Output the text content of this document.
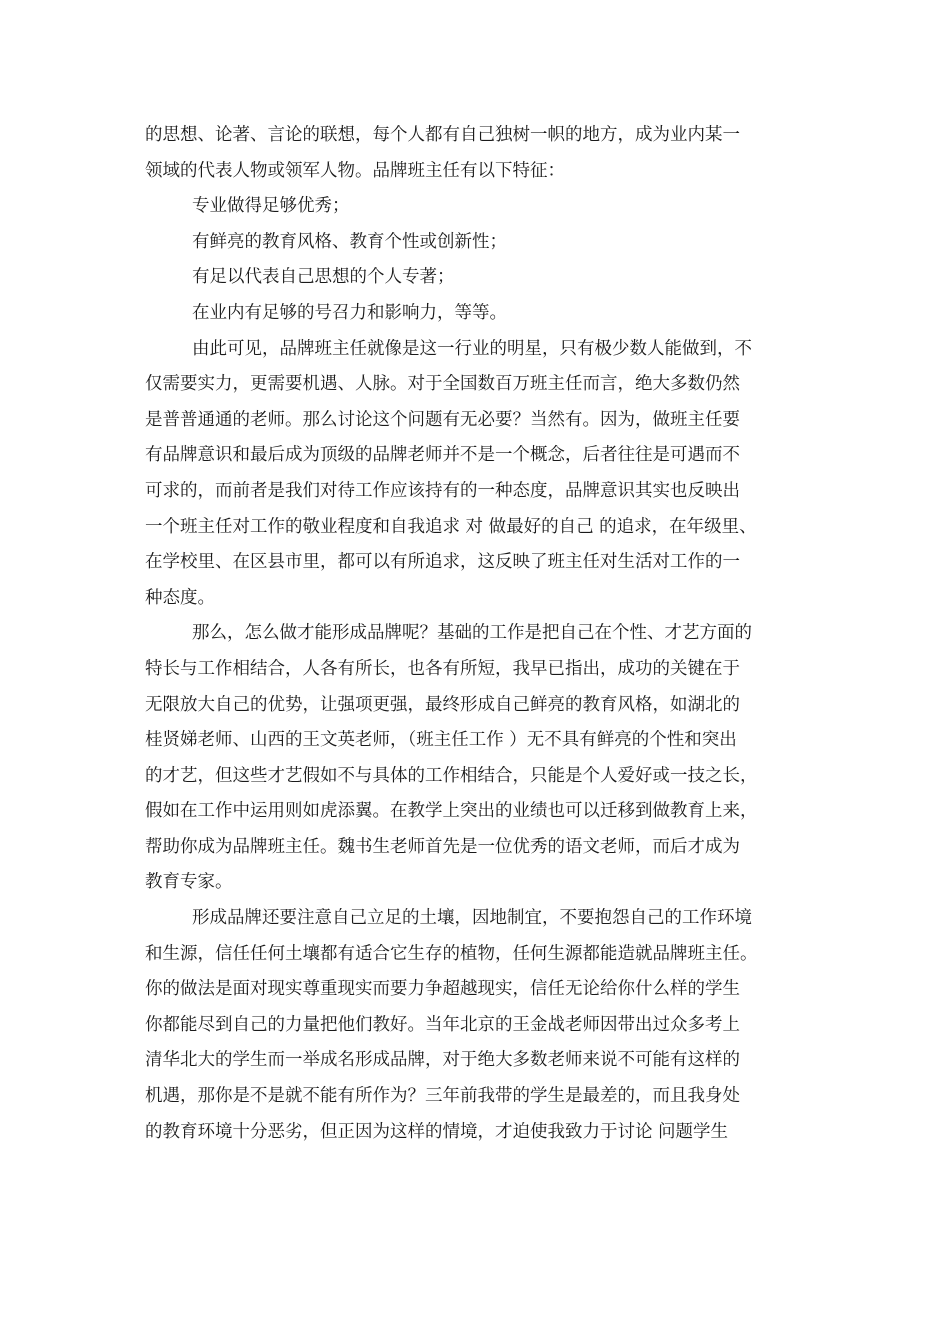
的思想、论著、言论的联想，每个人都有自己独树一帜的地方，成为业内某一
领域的代表人物或领军人物。品牌班主任有以下特征：
专业做得足够优秀；
有鲜亮的教育风格、教育个性或创新性；
有足以代表自己思想的个人专著；
在业内有足够的号召力和影响力，等等。
由此可见，品牌班主任就像是这一行业的明星，只有极少数人能做到，不
仅需要实力，更需要机遇、人脉。对于全国数百万班主任而言，绝大多数仍然
是普普通通的老师。那么讨论这个问题有无必要？当然有。因为，做班主任要
有品牌意识和最后成为顶级的品牌老师并不是一个概念，后者往往是可遇而不
可求的，而前者是我们对待工作应该持有的一种态度，品牌意识其实也反映出
一个班主任对工作的敬业程度和自我追求 对 做最好的自己 的追求，在年级里、
在学校里、在区县市里，都可以有所追求，这反映了班主任对生活对工作的一
种态度。
那么，怎么做才能形成品牌呢？基础的工作是把自己在个性、才艺方面的
特长与工作相结合，人各有所长，也各有所短，我早已指出，成功的关键在于
无限放大自己的优势，让强项更强，最终形成自己鲜亮的教育风格，如湖北的
桂贤娣老师、山西的王文英老师，（班主任工作 ）无不具有鲜亮的个性和突出
的才艺，但这些才艺假如不与具体的工作相结合，只能是个人爱好或一技之长，
假如在工作中运用则如虎添翼。在教学上突出的业绩也可以迁移到做教育上来，
帮助你成为品牌班主任。魏书生老师首先是一位优秀的语文老师，而后才成为
教育专家。
形成品牌还要注意自己立足的土壤，因地制宜，不要抱怨自己的工作环境
和生源，信任任何土壤都有适合它生存的植物，任何生源都能造就品牌班主任。
你的做法是面对现实尊重现实而要力争超越现实，信任无论给你什么样的学生
你都能尽到自己的力量把他们教好。当年北京的王金战老师因带出过众多考上
清华北大的学生而一举成名形成品牌，对于绝大多数老师来说不可能有这样的
机遇，那你是不是就不能有所作为？三年前我带的学生是最差的，而且我身处
的教育环境十分恶劣，但正因为这样的情境，才迫使我致力于讨论 问题学生
